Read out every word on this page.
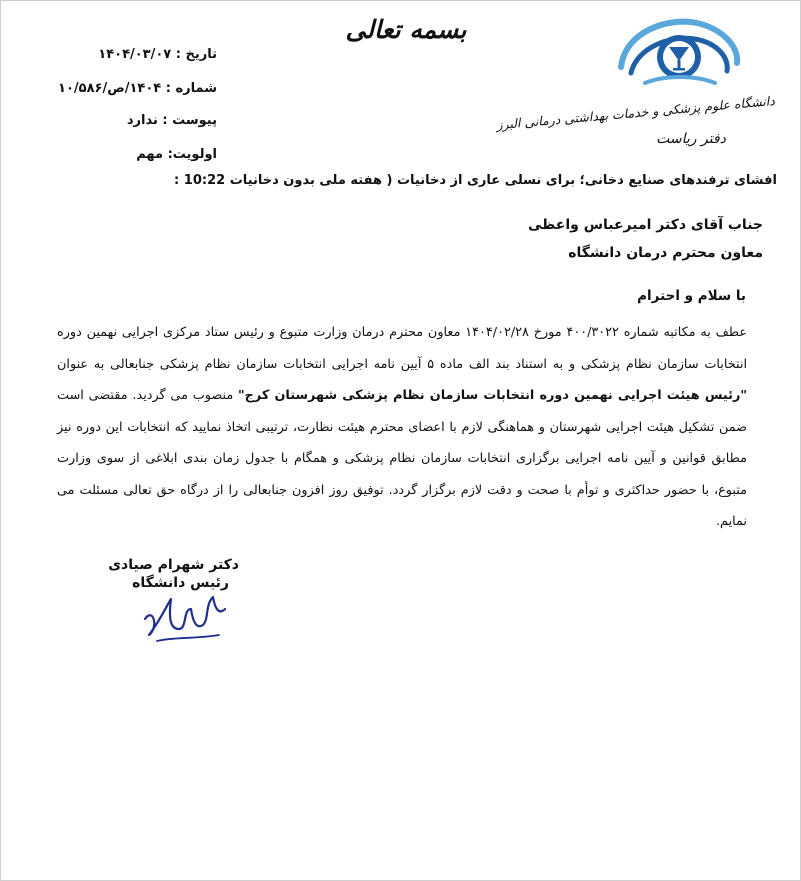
بسمه تعالی
تاریخ : ۱۴۰۴/۰۳/۰۷
شماره : ۱۴۰۴/ص/۱۰/۵۸۶
پیوست : ندارد
اولویت: مهم
دانشگاه علوم پزشکی و خدمات بهداشتی درمانی البرز
دفتر ریاست
افشای ترفندهای صنایع دخانی؛ برای نسلی عاری از دخانیات ( هفته ملی بدون دخانیات 10:22 :
جناب آقای دکتر امیرعباس واعظی
معاون محترم درمان دانشگاه
با سلام و احترام
عطف به مکاتبه شماره ۴۰۰/۳۰۲۲ مورخ ۱۴۰۴/۰۲/۲۸ معاون محترم درمان وزارت متبوع و رئیس ستاد مرکزی اجرایی نهمین دوره انتخابات سازمان نظام پزشکی و به استناد بند الف ماده ۵ آیین نامه اجرایی انتخابات سازمان نظام پزشکی جنابعالی به عنوان "رئیس هیئت اجرایی نهمین دوره انتخابات سازمان نظام پزشکی شهرستان کرج" منصوب می گردید. مقتضی است ضمن تشکیل هیئت اجرایی شهرستان و هماهنگی لازم با اعضای محترم هیئت نظارت، ترتیبی اتخاذ نمایید که انتخابات این دوره نیز مطابق قوانین و آیین نامه اجرایی برگزاری انتخابات سازمان نظام پزشکی و همگام با جدول زمان بندی ابلاغی از سوی وزارت متبوع، با حضور حداکثری و توأم با صحت و دقت لازم برگزار گردد. توفیق روز افزون جنابعالی را از درگاه حق تعالی مسئلت می نمایم.
دکتر شهرام صیادی
رئیس دانشگاه
